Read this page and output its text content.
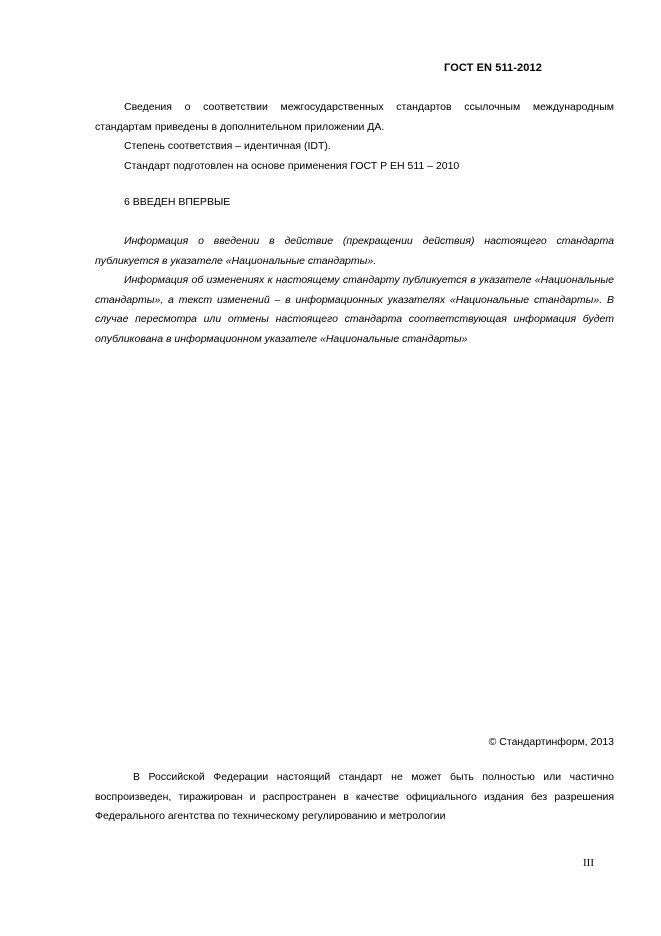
ГОСТ EN 511-2012

Сведения о соответствии межгосударственных стандартов ссылочным международным стандартам приведены в дополнительном приложении ДА.

Степень соответствия – идентичная (IDT).

Стандарт подготовлен на основе применения ГОСТ Р ЕН 511 – 2010

6 ВВЕДЕН ВПЕРВЫЕ

Информация о введении в действие (прекращении действия) настоящего стандарта публикуется в указателе «Национальные стандарты».

Информация об изменениях к настоящему стандарту публикуется в указателе «Национальные стандарты», а текст изменений – в информационных указателях «Национальные стандарты». В случае пересмотра или отмены настоящего стандарта соответствующая информация будет опубликована в информационном указателе «Национальные стандарты»

© Стандартинформ, 2013

В Российской Федерации настоящий стандарт не может быть полностью или частично воспроизведен, тиражирован и распространен в качестве официального издания без разрешения Федерального агентства по техническому регулированию и метрологии

III
